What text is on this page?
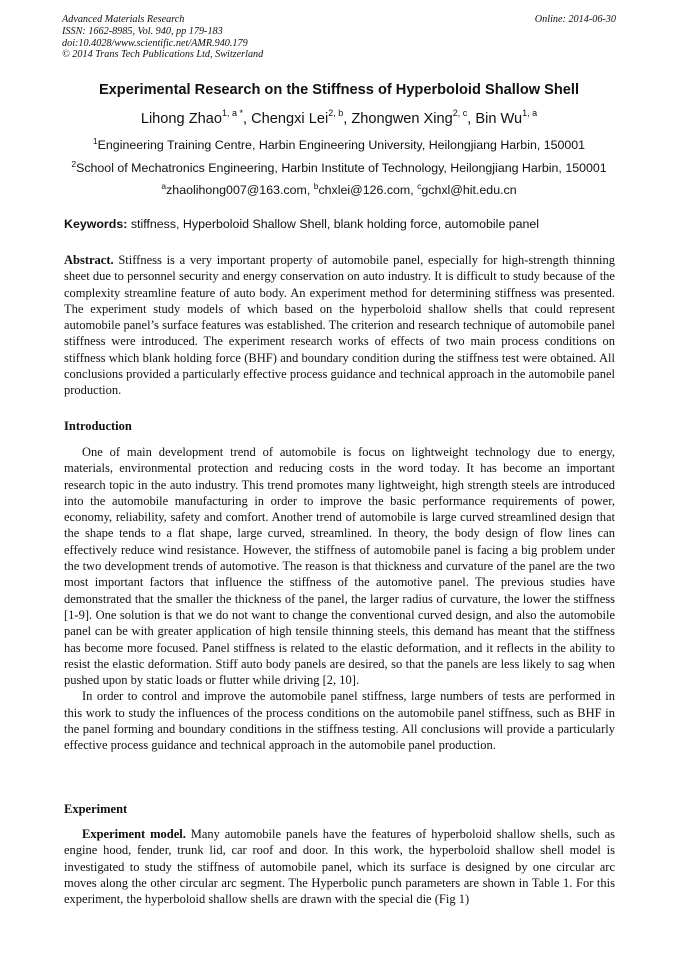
Advanced Materials Research
ISSN: 1662-8985, Vol. 940, pp 179-183
doi:10.4028/www.scientific.net/AMR.940.179
© 2014 Trans Tech Publications Ltd, Switzerland
Online: 2014-06-30
Experimental Research on the Stiffness of Hyperboloid Shallow Shell
Lihong Zhao$^{1, a *}$, Chengxi Lei$^{2, b}$, Zhongwen Xing$^{2, c}$, Bin Wu$^{1, a}$
$^1$Engineering Training Centre, Harbin Engineering University, Heilongjiang Harbin, 150001
$^2$School of Mechatronics Engineering, Harbin Institute of Technology, Heilongjiang Harbin, 150001
$^a$zhaolihong007@163.com, $^b$chxlei@126.com, $^c$gchxl@hit.edu.cn
Keywords: stiffness, Hyperboloid Shallow Shell, blank holding force, automobile panel

Abstract. Stiffness is a very important property of automobile panel, especially for high-strength thinning sheet due to personnel security and energy conservation on auto industry. It is difficult to study because of the complexity streamline feature of auto body. An experiment method for determining stiffness was presented. The experiment study models of which based on the hyperboloid shallow shells that could represent automobile panel’s surface features was established. The criterion and research technique of automobile panel stiffness were introduced. The experiment research works of effects of two main process conditions on stiffness which blank holding force (BHF) and boundary condition during the stiffness test were obtained. All conclusions provided a particularly effective process guidance and technical approach in the automobile panel production.

Introduction

One of main development trend of automobile is focus on lightweight technology due to energy, materials, environmental protection and reducing costs in the word today. It has become an important research topic in the auto industry. This trend promotes many lightweight, high strength steels are introduced into the automobile manufacturing in order to improve the basic performance requirements of power, economy, reliability, safety and comfort. Another trend of automobile is large curved streamlined design that the shape tends to a flat shape, large curved, streamlined. In theory, the body design of flow lines can effectively reduce wind resistance. However, the stiffness of automobile panel is facing a big problem under the two development trends of automotive. The reason is that thickness and curvature of the panel are the two most important factors that influence the stiffness of the automotive panel. The previous studies have demonstrated that the smaller the thickness of the panel, the larger radius of curvature, the lower the stiffness [1-9]. One solution is that we do not want to change the conventional curved design, and also the automobile panel can be with greater application of high tensile thinning steels, this demand has meant that the stiffness has become more focused. Panel stiffness is related to the elastic deformation, and it reflects in the ability to resist the elastic deformation. Stiff auto body panels are desired, so that the panels are less likely to sag when pushed upon by static loads or flutter while driving [2, 10].

In order to control and improve the automobile panel stiffness, large numbers of tests are performed in this work to study the influences of the process conditions on the automobile panel stiffness, such as BHF in the panel forming and boundary conditions in the stiffness testing. All conclusions will provide a particularly effective process guidance and technical approach in the automobile panel production.

Experiment

Experiment model. Many automobile panels have the features of hyperboloid shallow shells, such as engine hood, fender, trunk lid, car roof and door. In this work, the hyperboloid shallow shell model is investigated to study the stiffness of automobile panel, which its surface is designed by one circular arc moves along the other circular arc segment. The Hyperbolic punch parameters are shown in Table 1. For this experiment, the hyperboloid shallow shells are drawn with the special die (Fig 1)
